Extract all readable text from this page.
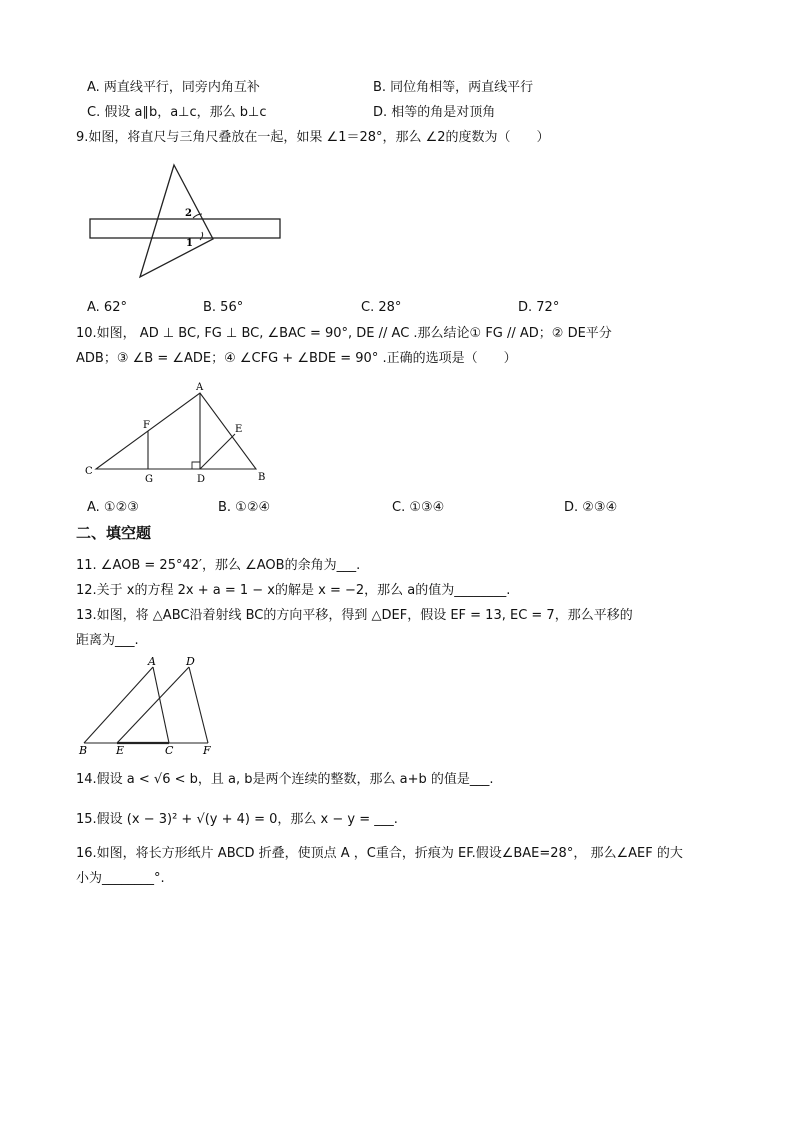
A. 两直线平行，同旁内角互补	B. 同位角相等，两直线平行
C. 假设 a∥b，a⊥c，那么 b⊥c	D. 相等的角是对顶角
9.如图，将直尺与三角尺叠放在一起，如果 ∠1＝28°，那么 ∠2的度数为（　　）
2
1
A. 62°	B. 56°	C. 28°	D. 72°
10.如图， AD ⊥ BC, FG ⊥ BC, ∠BAC = 90°, DE // AC .那么结论① FG // AD；② DE平分
ADB；③ ∠B = ∠ADE；④ ∠CFG + ∠BDE = 90° .正确的选项是（　　）
A
B
C
D
E
F
G
A. ①②③	B. ①②④	C. ①③④	D. ②③④
二、填空题
11. ∠AOB = 25°42′，那么 ∠AOB的余角为___.
12.关于 x的方程 2x + a = 1 − x的解是 x = −2，那么 a的值为________.
13.如图，将 △ABC沿着射线 BC的方向平移，得到 △DEF，假设 EF = 13, EC = 7，那么平移的
距离为___.
A	D
B	E	C	F
14.假设 a < √6 < b，且 a, b是两个连续的整数，那么 a+b 的值是___.
15.假设 (x − 3)² + √(y + 4) = 0，那么 x − y = ___.
16.如图，将长方形纸片 ABCD 折叠，使顶点 A ，C重合，折痕为 EF.假设∠BAE=28°， 那么∠AEF 的大
小为________°.
